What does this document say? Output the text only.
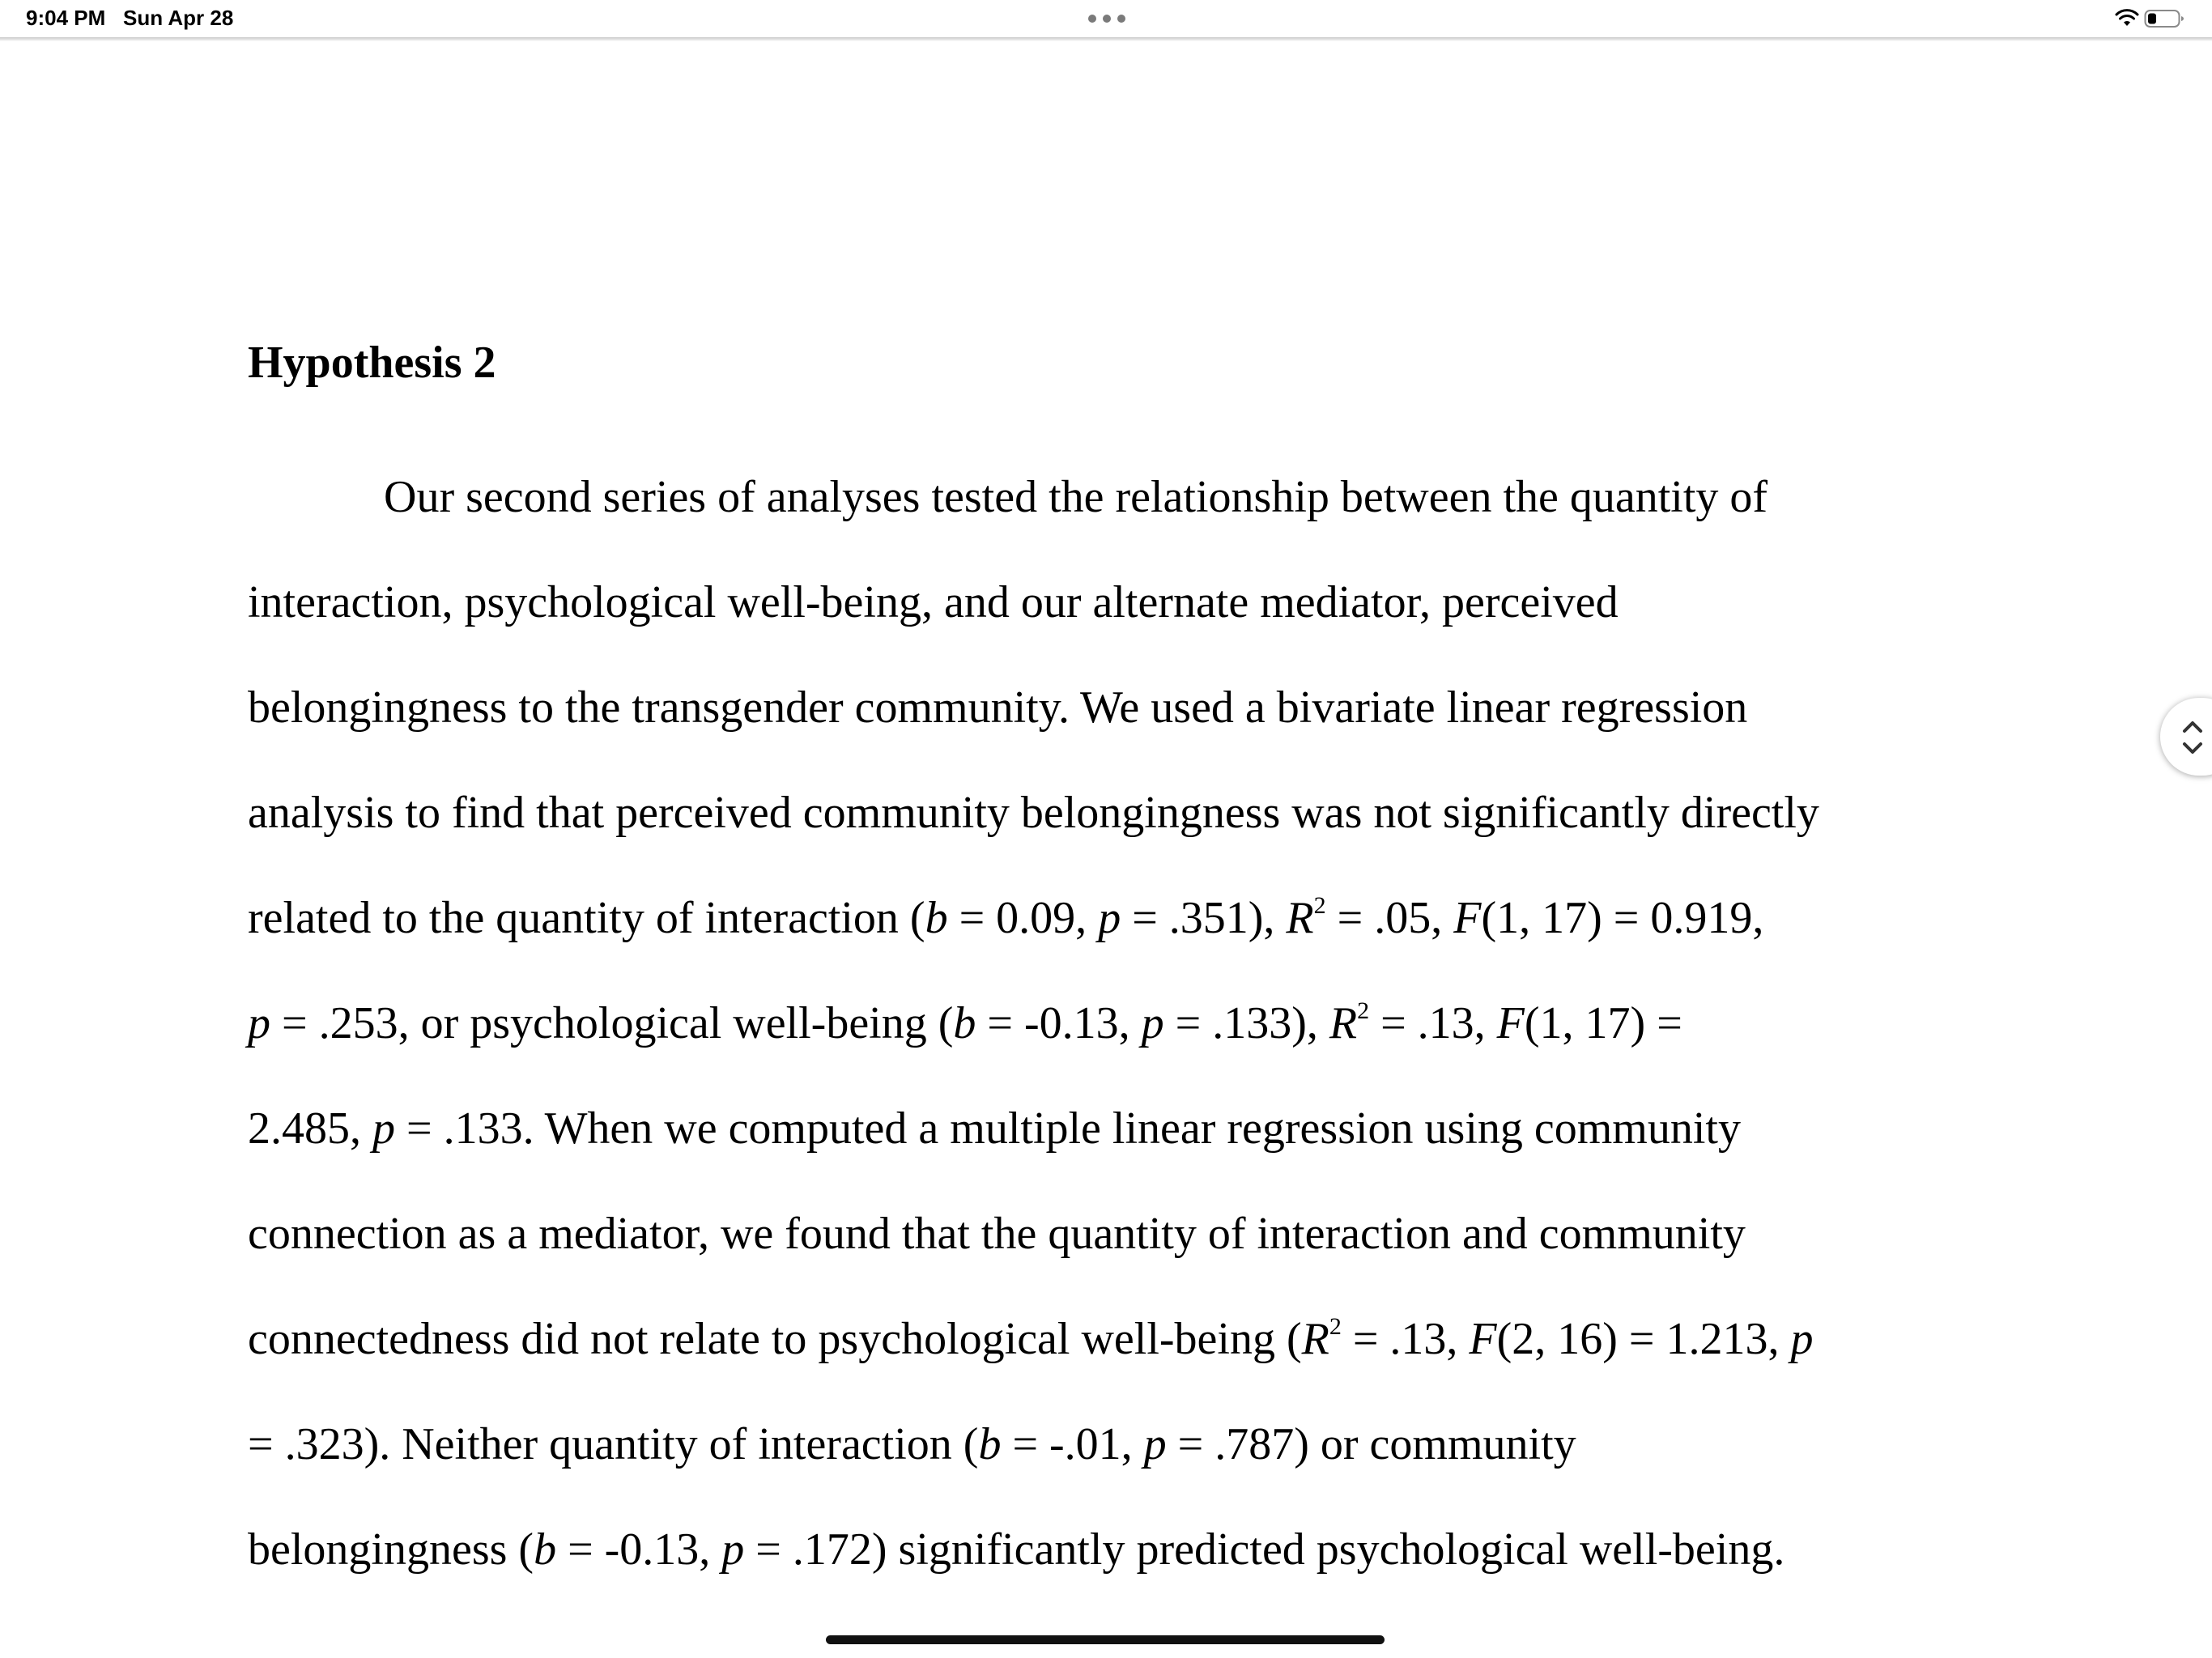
9:04 PM Sun Apr 28
Hypothesis 2
Our second series of analyses tested the relationship between the quantity of
interaction, psychological well-being, and our alternate mediator, perceived
belongingness to the transgender community. We used a bivariate linear regression
analysis to find that perceived community belongingness was not significantly directly
related to the quantity of interaction (b = 0.09, p = .351), $R^2 = .05$, F(1, 17) = 0.919,
p = .253, or psychological well-being (b = -0.13, p = .133), $R^2 = .13$, F(1, 17) =
2.485, p = .133. When we computed a multiple linear regression using community
connection as a mediator, we found that the quantity of interaction and community
connectedness did not relate to psychological well-being ($R^2 = .13$, F(2, 16) = 1.213, p
= .323). Neither quantity of interaction (b = -.01, p = .787) or community
belongingness (b = -0.13, p = .172) significantly predicted psychological well-being.
